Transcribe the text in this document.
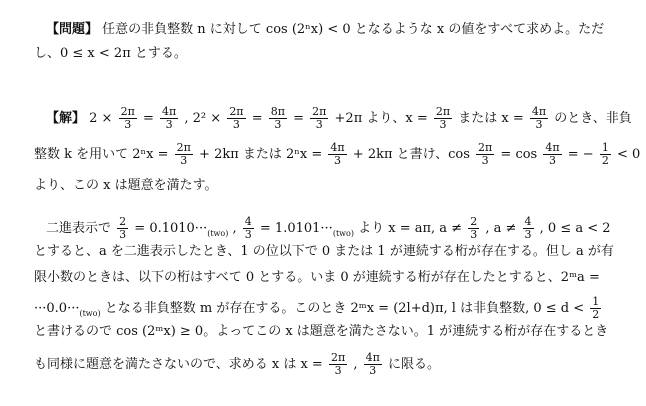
【問題】 任意の非負整数 n に対して cos (2ⁿx) < 0 となるような x の値をすべて求めよ。ただ
し、0 ≤ x < 2π とする。
【解】 $2 \times \frac{2\pi}{3} = \frac{4\pi}{3}$ , $2^2 \times \frac{2\pi}{3} = \frac{8\pi}{3} = \frac{2\pi}{3} +2\pi$ より、$x = \frac{2\pi}{3}$ または $x = \frac{4\pi}{3}$ のとき、非負
整数 k を用いて $2^nx = \frac{2\pi}{3} + 2k\pi$ または $2^nx = \frac{4\pi}{3} + 2k\pi$ と書け、$\cos \frac{2\pi}{3} = \cos \frac{4\pi}{3}$ = − $\frac{1}{2} < 0$
より、この x は題意を満たす。
二進表示で $\frac{2}{3} = 0.1010\cdot\cdot\cdot_{(two)}$ , $\frac{4}{3} = 1.0101\cdot\cdot\cdot_{(two)}$ より x = aπ, $a \ne \frac{2}{3}$ , $a \ne \frac{4}{3}$ , 0 ≤ a < 2
とすると、a を二進表示したとき、1 の位以下で 0 または 1 が連続する桁が存在する。但し a が有
限小数のときは、以下の桁はすべて 0 とする。いま 0 が連続する桁が存在したとすると、2ᵐa =
$\cdot\cdot\cdot 0.0\cdot\cdot\cdot_{(two)}$ となる非負整数 m が存在する。このとき 2ᵐx = (2l+d)π, l は非負整数, $0 \le d < \frac{1}{2}$
と書けるので cos (2ᵐx) ≥ 0。よってこの x は題意を満たさない。1 が連続する桁が存在するとき
も同様に題意を満たさないので、求める x は $x = \frac{2\pi}{3}$ , $\frac{4\pi}{3}$ に限る。
